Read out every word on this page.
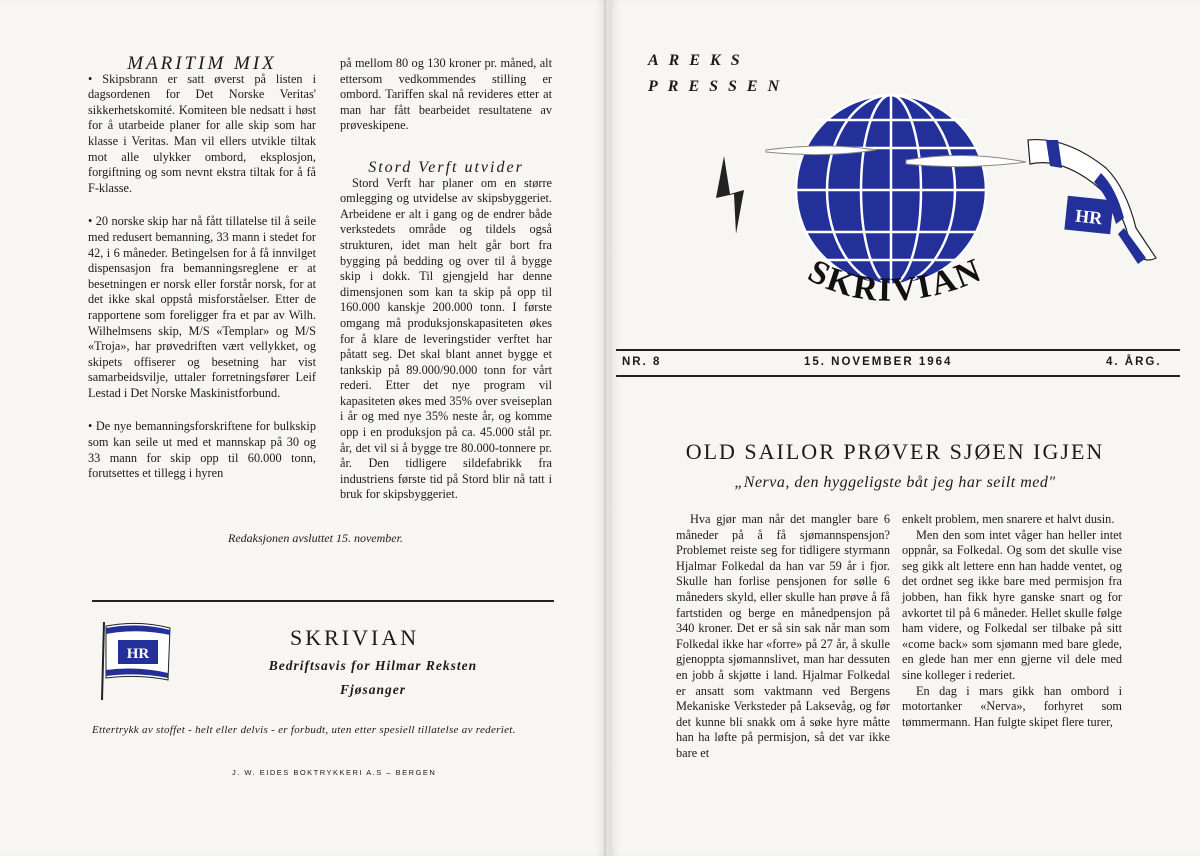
MARITIM MIX

• Skipsbrann er satt øverst på listen i dagsordenen for Det Norske Veritas' sikkerhetskomité. Komiteen ble nedsatt i høst for å utarbeide planer for alle skip som har klasse i Veritas. Man vil ellers utvikle tiltak mot alle ulykker ombord, eksplosjon, forgiftning og som nevnt ekstra tiltak for å få F-klasse.

• 20 norske skip har nå fått tillatelse til å seile med redusert bemanning, 33 mann i stedet for 42, i 6 måneder. Betingelsen for å få innvilget dispensasjon fra bemanningsreglene er at besetningen er norsk eller forstår norsk, for at det ikke skal oppstå misforståelser. Etter de rapportene som foreligger fra et par av Wilh. Wilhelmsens skip, M/S «Templar» og M/S «Troja», har prøvedriften vært vellykket, og skipets offiserer og besetning har vist samarbeidsvilje, uttaler forretningsfører Leif Lestad i Det Norske Maskinistforbund.

• De nye bemanningsforskriftene for bulkskip som kan seile ut med et mannskap på 30 og 33 mann for skip opp til 60.000 tonn, forutsettes et tillegg i hyren

på mellom 80 og 130 kroner pr. måned, alt ettersom vedkommendes stilling er ombord. Tariffen skal nå revideres etter at man har fått bearbeidet resultatene av prøveskipene.

Stord Verft utvider

Stord Verft har planer om en større omlegging og utvidelse av skipsbyggeriet. Arbeidene er alt i gang og de endrer både verkstedets område og tildels også strukturen, idet man helt går bort fra bygging på bedding og over til å bygge skip i dokk. Til gjengjeld har denne dimensjonen som kan ta skip på opp til 160.000 kanskje 200.000 tonn. I første omgang må produksjonskapasiteten økes for å klare de leveringstider verftet har påtatt seg. Det skal blant annet bygge et tankskip på 89.000/90.000 tonn for vårt rederi. Etter det nye program vil kapasiteten økes med 35% over sveiseplan i år og med nye 35% neste år, og komme opp i en produksjon på ca. 45.000 stål pr. år, det vil si å bygge tre 80.000-tonnere pr. år. Den tidligere sildefabrikk fra industriens første tid på Stord blir nå tatt i bruk for skipsbyggeriet.

Redaksjonen avsluttet 15. november.
HR
SKRIVIAN
Bedriftsavis for Hilmar Reksten
Fjøsanger
Ettertrykk av stoffet - helt eller delvis - er forbudt, uten etter spesiell tillatelse av rederiet.
J. W. EIDES BOKTRYKKERI A.S – BERGEN
AREKS
PRESSEN
HR
SKRIVIAN
NR. 8	15. NOVEMBER 1964	4. ÅRG.
OLD SAILOR PRØVER SJØEN IGJEN
„Nerva, den hyggeligste båt jeg har seilt med"

Hva gjør man når det mangler bare 6 måneder på å få sjømannspensjon? Problemet reiste seg for tidligere styrmann Hjalmar Folkedal da han var 59 år i fjor. Skulle han forlise pensjonen for sølle 6 måneders skyld, eller skulle han prøve å få fartstiden og berge en månedpensjon på 340 kroner. Det er så sin sak når man som Folkedal ikke har «forre» på 27 år, å skulle gjenoppta sjømannslivet, man har dessuten en jobb å skjøtte i land. Hjalmar Folkedal er ansatt som vaktmann ved Bergens Mekaniske Verksteder på Laksevåg, og før det kunne bli snakk om å søke hyre måtte han ha løfte på permisjon, så det var ikke bare et

enkelt problem, men snarere et halvt dusin.

Men den som intet våger han heller intet oppnår, sa Folkedal. Og som det skulle vise seg gikk alt lettere enn han hadde ventet, og det ordnet seg ikke bare med permisjon fra jobben, han fikk hyre ganske snart og for avkortet til på 6 måneder. Hellet skulle følge ham videre, og Folkedal ser tilbake på sitt «come back» som sjømann med bare glede, en glede han mer enn gjerne vil dele med sine kolleger i rederiet.

En dag i mars gikk han ombord i motortanker «Nerva», forhyret som tømmermann. Han fulgte skipet flere turer,
